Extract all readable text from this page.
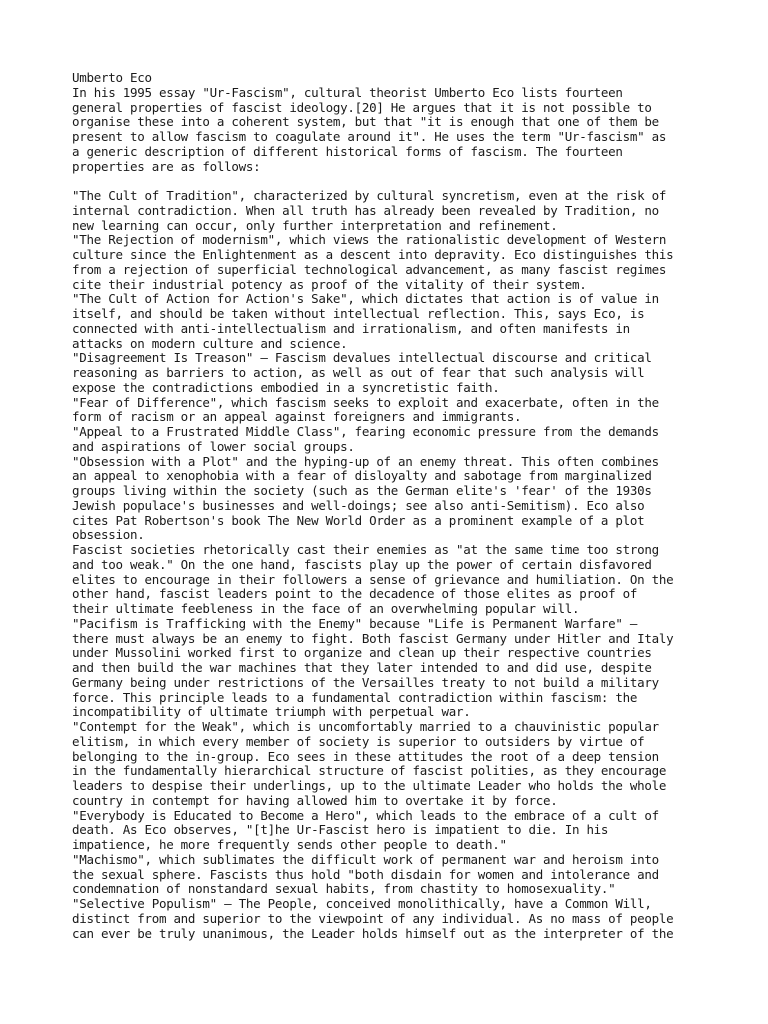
Umberto Eco
In his 1995 essay "Ur-Fascism", cultural theorist Umberto Eco lists fourteen
general properties of fascist ideology.[20] He argues that it is not possible to
organise these into a coherent system, but that "it is enough that one of them be
present to allow fascism to coagulate around it". He uses the term "Ur-fascism" as
a generic description of different historical forms of fascism. The fourteen
properties are as follows:
"The Cult of Tradition", characterized by cultural syncretism, even at the risk of
internal contradiction. When all truth has already been revealed by Tradition, no
new learning can occur, only further interpretation and refinement.
"The Rejection of modernism", which views the rationalistic development of Western
culture since the Enlightenment as a descent into depravity. Eco distinguishes this
from a rejection of superficial technological advancement, as many fascist regimes
cite their industrial potency as proof of the vitality of their system.
"The Cult of Action for Action's Sake", which dictates that action is of value in
itself, and should be taken without intellectual reflection. This, says Eco, is
connected with anti-intellectualism and irrationalism, and often manifests in
attacks on modern culture and science.
"Disagreement Is Treason" – Fascism devalues intellectual discourse and critical
reasoning as barriers to action, as well as out of fear that such analysis will
expose the contradictions embodied in a syncretistic faith.
"Fear of Difference", which fascism seeks to exploit and exacerbate, often in the
form of racism or an appeal against foreigners and immigrants.
"Appeal to a Frustrated Middle Class", fearing economic pressure from the demands
and aspirations of lower social groups.
"Obsession with a Plot" and the hyping-up of an enemy threat. This often combines
an appeal to xenophobia with a fear of disloyalty and sabotage from marginalized
groups living within the society (such as the German elite's 'fear' of the 1930s
Jewish populace's businesses and well-doings; see also anti-Semitism). Eco also
cites Pat Robertson's book The New World Order as a prominent example of a plot
obsession.
Fascist societies rhetorically cast their enemies as "at the same time too strong
and too weak." On the one hand, fascists play up the power of certain disfavored
elites to encourage in their followers a sense of grievance and humiliation. On the
other hand, fascist leaders point to the decadence of those elites as proof of
their ultimate feebleness in the face of an overwhelming popular will.
"Pacifism is Trafficking with the Enemy" because "Life is Permanent Warfare" –
there must always be an enemy to fight. Both fascist Germany under Hitler and Italy
under Mussolini worked first to organize and clean up their respective countries
and then build the war machines that they later intended to and did use, despite
Germany being under restrictions of the Versailles treaty to not build a military
force. This principle leads to a fundamental contradiction within fascism: the
incompatibility of ultimate triumph with perpetual war.
"Contempt for the Weak", which is uncomfortably married to a chauvinistic popular
elitism, in which every member of society is superior to outsiders by virtue of
belonging to the in-group. Eco sees in these attitudes the root of a deep tension
in the fundamentally hierarchical structure of fascist polities, as they encourage
leaders to despise their underlings, up to the ultimate Leader who holds the whole
country in contempt for having allowed him to overtake it by force.
"Everybody is Educated to Become a Hero", which leads to the embrace of a cult of
death. As Eco observes, "[t]he Ur-Fascist hero is impatient to die. In his
impatience, he more frequently sends other people to death."
"Machismo", which sublimates the difficult work of permanent war and heroism into
the sexual sphere. Fascists thus hold "both disdain for women and intolerance and
condemnation of nonstandard sexual habits, from chastity to homosexuality."
"Selective Populism" – The People, conceived monolithically, have a Common Will,
distinct from and superior to the viewpoint of any individual. As no mass of people
can ever be truly unanimous, the Leader holds himself out as the interpreter of the
